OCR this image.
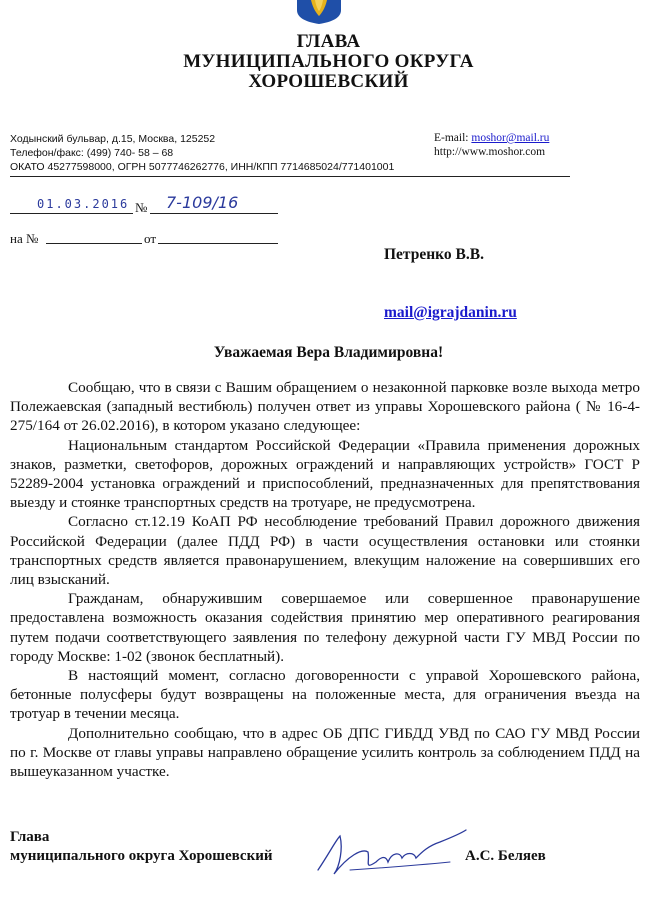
ГЛАВА
МУНИЦИПАЛЬНОГО ОКРУГА
ХОРОШЕВСКИЙ
Ходынский бульвар, д.15, Москва, 125252
Телефон/факс: (499) 740- 58 – 68
ОКАТО 45277598000, ОГРН 5077746262776, ИНН/КПП 7714685024/771401001
E-mail: moshor@mail.ru
http://www.moshor.com
01.03.2016 № 7-109/16
на №	от
Петренко В.В.
mail@igrajdanin.ru
Уважаемая Вера Владимировна!

Сообщаю, что в связи с Вашим обращением о незаконной парковке возле выхода метро Полежаевская (западный вестибюль) получен ответ из управы Хорошевского района ( № 16-4-275/164 от 26.02.2016), в котором указано следующее:

Национальным стандартом Российской Федерации «Правила применения дорожных знаков, разметки, светофоров, дорожных ограждений и направляющих устройств» ГОСТ Р 52289-2004 установка ограждений и приспособлений, предназначенных для препятствования выезду и стоянке транспортных средств на тротуаре, не предусмотрена.

Согласно ст.12.19 КоАП РФ несоблюдение требований Правил дорожного движения Российской Федерации (далее ПДД РФ) в части осуществления остановки или стоянки транспортных средств является правонарушением, влекущим наложение на совершивших его лиц взысканий.

Гражданам, обнаружившим совершаемое или совершенное правонарушение предоставлена возможность оказания содействия принятию мер оперативного реагирования путем подачи соответствующего заявления по телефону дежурной части ГУ МВД России по городу Москве: 1-02 (звонок бесплатный).

В настоящий момент, согласно договоренности с управой Хорошевского района, бетонные полусферы будут возвращены на положенные места, для ограничения въезда на тротуар в течении месяца.

Дополнительно сообщаю, что в адрес ОБ ДПС ГИБДД УВД по САО ГУ МВД России по г. Москве от главы управы направлено обращение усилить контроль за соблюдением ПДД на вышеуказанном участке.

Глава
муниципального округа Хорошевский	А.С. Беляев
